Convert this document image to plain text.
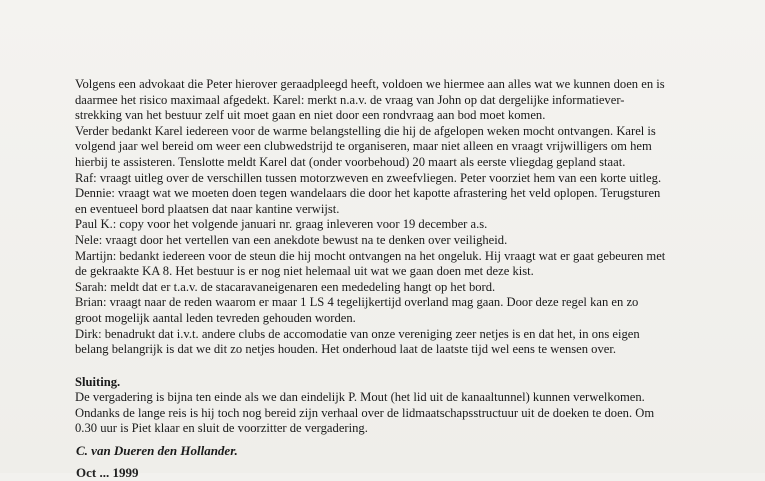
Volgens een advokaat die Peter hierover geraadpleegd heeft, voldoen we hiermee aan alles wat we kunnen doen en is
daarmee het risico maximaal afgedekt. Karel: merkt n.a.v. de vraag van John op dat dergelijke informatiever-
strekking van het bestuur zelf uit moet gaan en niet door een rondvraag aan bod moet komen.
Verder bedankt Karel iedereen voor de warme belangstelling die hij de afgelopen weken mocht ontvangen. Karel is
volgend jaar wel bereid om weer een clubwedstrijd te organiseren, maar niet alleen en vraagt vrijwilligers om hem
hierbij te assisteren. Tenslotte meldt Karel dat (onder voorbehoud) 20 maart als eerste vliegdag gepland staat.
Raf: vraagt uitleg over de verschillen tussen motorzweven en zweefvliegen. Peter voorziet hem van een korte uitleg.
Dennie: vraagt wat we moeten doen tegen wandelaars die door het kapotte afrastering het veld oplopen. Terugsturen
en eventueel bord plaatsen dat naar kantine verwijst.
Paul K.: copy voor het volgende januari nr. graag inleveren voor 19 december a.s.
Nele: vraagt door het vertellen van een anekdote bewust na te denken over veiligheid.
Martijn: bedankt iedereen voor de steun die hij mocht ontvangen na het ongeluk. Hij vraagt wat er gaat gebeuren met
de gekraakte KA 8. Het bestuur is er nog niet helemaal uit wat we gaan doen met deze kist.
Sarah: meldt dat er t.a.v. de stacaravaneigenaren een mededeling hangt op het bord.
Brian: vraagt naar de reden waarom er maar 1 LS 4 tegelijkertijd overland mag gaan. Door deze regel kan en zo
groot mogelijk aantal leden tevreden gehouden worden.
Dirk: benadrukt dat i.v.t. andere clubs de accomodatie van onze vereniging zeer netjes is en dat het, in ons eigen
belang belangrijk is dat we dit zo netjes houden. Het onderhoud laat de laatste tijd wel eens te wensen over.
Sluiting.
De vergadering is bijna ten einde als we dan eindelijk P. Mout (het lid uit de kanaaltunnel) kunnen verwelkomen.
Ondanks de lange reis is hij toch nog bereid zijn verhaal over de lidmaatschapsstructuur uit de doeken te doen. Om
0.30 uur is Piet klaar en sluit de voorzitter de vergadering.
C. van Dueren den Hollander.
Oct ... 1999
